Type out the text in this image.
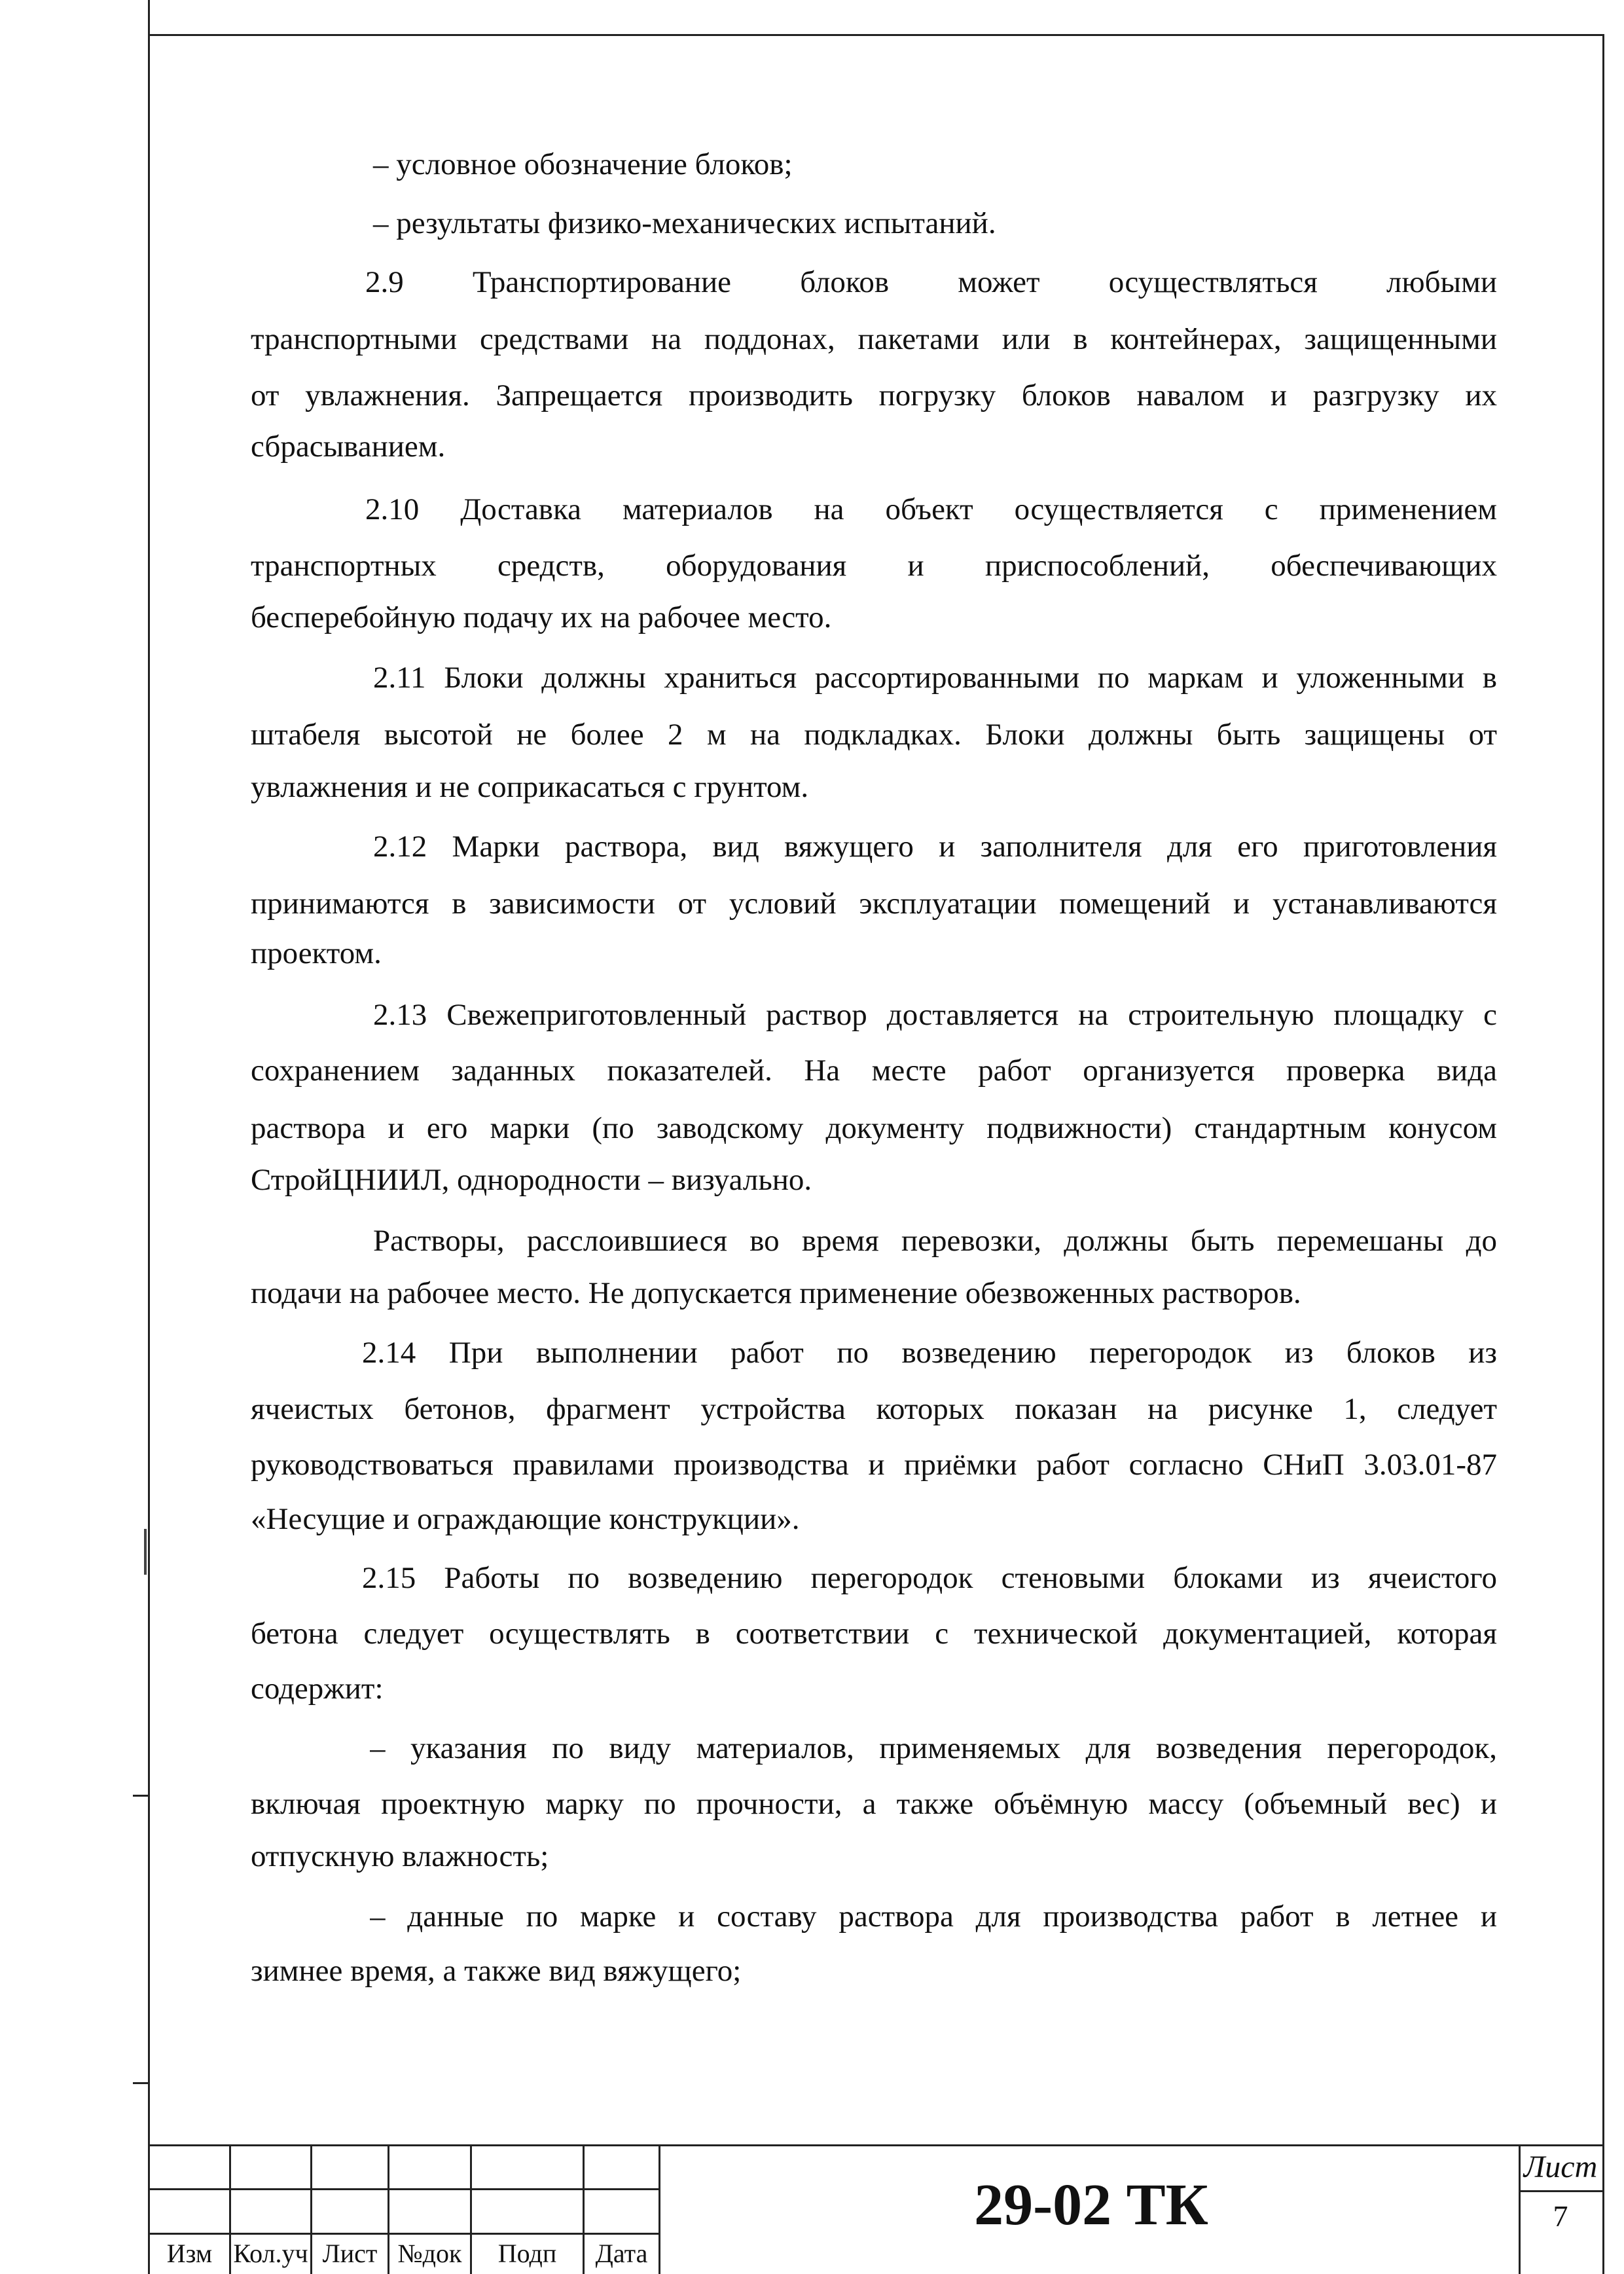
– условное обозначение блоков;
– результаты физико-механических испытаний.
2.9 Транспортирование блоков может осуществляться любыми
транспортными средствами на поддонах, пакетами или в контейнерах, защищенными
от увлажнения. Запрещается производить погрузку блоков навалом и разгрузку их
сбрасыванием.
2.10 Доставка материалов на объект осуществляется с применением
транспортных средств, оборудования и приспособлений, обеспечивающих
бесперебойную подачу их на рабочее место.
2.11 Блоки должны храниться рассортированными по маркам и уложенными в
штабеля высотой не более 2 м на подкладках. Блоки должны быть защищены от
увлажнения и не соприкасаться с грунтом.
2.12 Марки раствора, вид вяжущего и заполнителя для его приготовления
принимаются в зависимости от условий эксплуатации помещений и устанавливаются
проектом.
2.13 Свежеприготовленный раствор доставляется на строительную площадку с
сохранением заданных показателей. На месте работ организуется проверка вида
раствора и его марки (по заводскому документу подвижности) стандартным конусом
СтройЦНИИЛ, однородности – визуально.
Растворы, расслоившиеся во время перевозки, должны быть перемешаны до
подачи на рабочее место. Не допускается применение обезвоженных растворов.
2.14 При выполнении работ по возведению перегородок из блоков из
ячеистых бетонов, фрагмент устройства которых показан на рисунке 1, следует
руководствоваться правилами производства и приёмки работ согласно СНиП 3.03.01-87
«Несущие и ограждающие конструкции».
2.15 Работы по возведению перегородок стеновыми блоками из ячеистого
бетона следует осуществлять в соответствии с технической документацией, которая
содержит:
– указания по виду материалов, применяемых для возведения перегородок,
включая проектную марку по прочности, а также объёмную массу (объемный вес) и
отпускную влажность;
– данные по марке и составу раствора для производства работ в летнее и
зимнее время, а также вид вяжущего;
Изм Кол.уч Лист №док	Подп	Дата
29-02 ТК
Лист
7
